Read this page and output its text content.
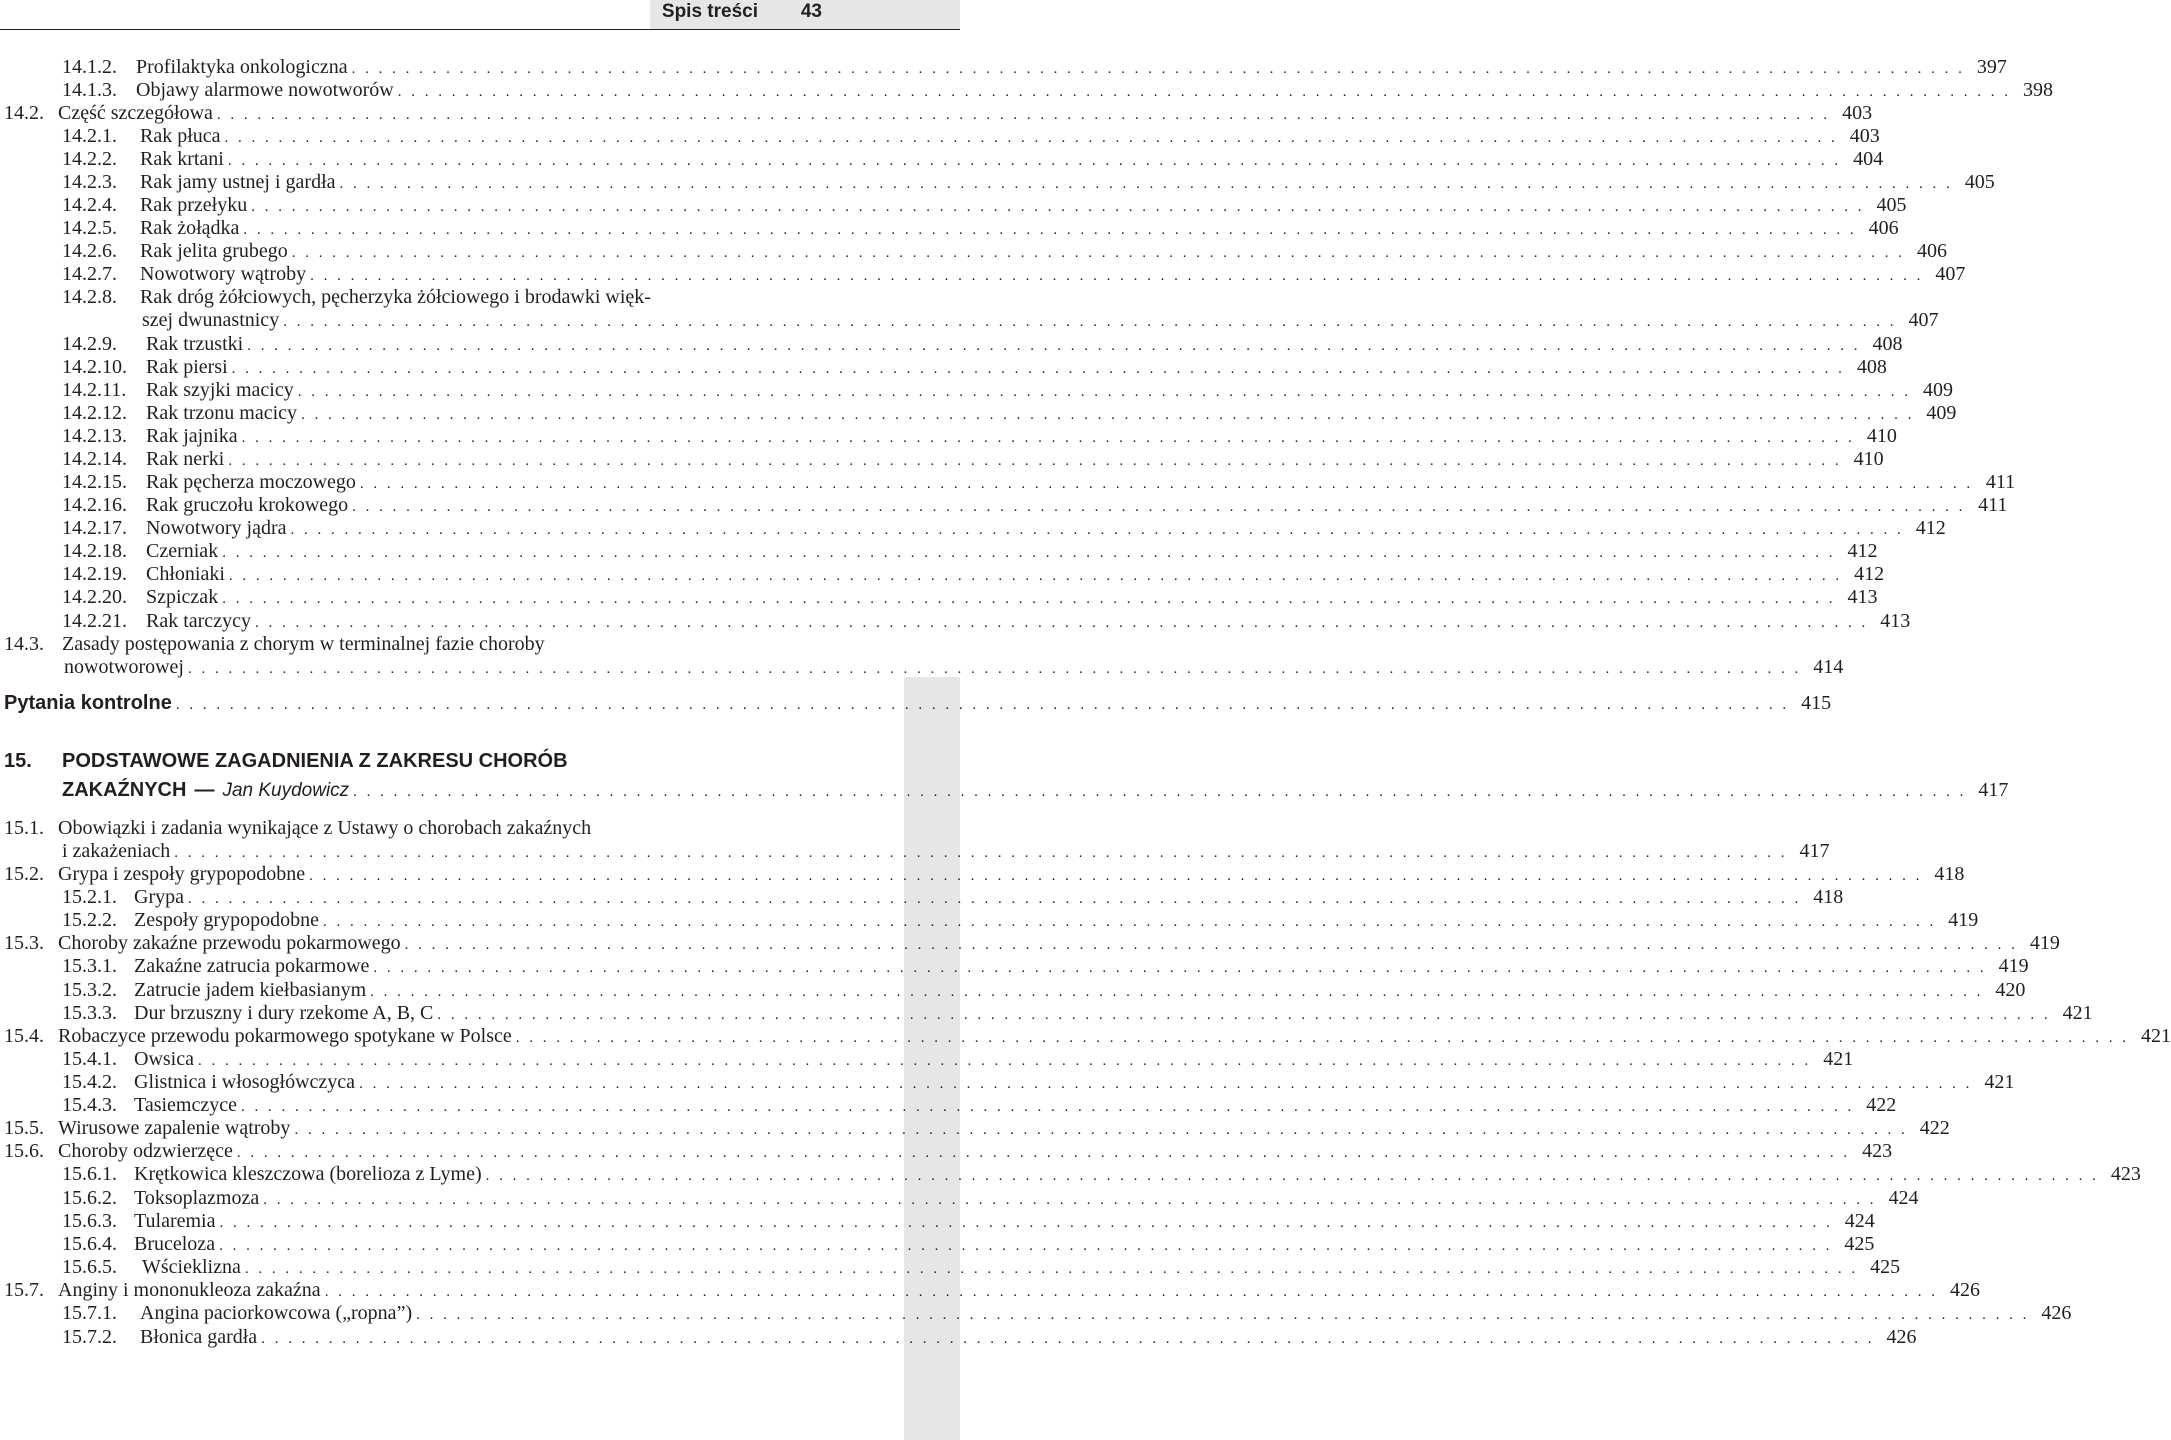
Spis treści 43
14.1.2. Profilaktyka onkologiczna . . . . . . . . . . . . . . . . . . . . . . . . . . . . . . . . . . . . . . . . . . . . . . . . . . . . . . . . . . . . . . . . . . . . . . . . . . . . . . . . . . . . . . . . . . . . . . . . . . . . . . . . . . . . . . . . . . . . . . . . 397
14.1.3. Objawy alarmowe nowotworów . . . . . . . . . . . . . . . . . . . . . . . . . . . . . . . . . . . . . . . . . . . . . . . . . . . . . . . . . . . . . . . . . . . . . . . . . . . . . . . . . . . . . . . . . . . . . . . . . . . . . . . . . . . . . . . . . . . . . . . . 398
14.2. Część szczegółowa . . . . . . . . . . . . . . . . . . . . . . . . . . . . . . . . . . . . . . . . . . . . . . . . . . . . . . . . . . . . . . . . . . . . . . . . . . . . . . . . . . . . . . . . . . . . . . . . . . . . . . . . . . . . . . . . . . . . . . . . 403
14.2.1. Rak płuca . . . . . . . . . . . . . . . . . . . . . . . . . . . . . . . . . . . . . . . . . . . . . . . . . . . . . . . . . . . . . . . . . . . . . . . . . . . . . . . . . . . . . . . . . . . . . . . . . . . . . . . . . . . . . . . . . . . . . . . . 403
14.2.2. Rak krtani . . . . . . . . . . . . . . . . . . . . . . . . . . . . . . . . . . . . . . . . . . . . . . . . . . . . . . . . . . . . . . . . . . . . . . . . . . . . . . . . . . . . . . . . . . . . . . . . . . . . . . . . . . . . . . . . . . . . . . . . 404
14.2.3. Rak jamy ustnej i gardła . . . . . . . . . . . . . . . . . . . . . . . . . . . . . . . . . . . . . . . . . . . . . . . . . . . . . . . . . . . . . . . . . . . . . . . . . . . . . . . . . . . . . . . . . . . . . . . . . . . . . . . . . . . . . . . . . . . . . . . . 405
14.2.4. Rak przełyku . . . . . . . . . . . . . . . . . . . . . . . . . . . . . . . . . . . . . . . . . . . . . . . . . . . . . . . . . . . . . . . . . . . . . . . . . . . . . . . . . . . . . . . . . . . . . . . . . . . . . . . . . . . . . . . . . . . . . . . . 405
14.2.5. Rak żołądka . . . . . . . . . . . . . . . . . . . . . . . . . . . . . . . . . . . . . . . . . . . . . . . . . . . . . . . . . . . . . . . . . . . . . . . . . . . . . . . . . . . . . . . . . . . . . . . . . . . . . . . . . . . . . . . . . . . . . . . . 406
14.2.6. Rak jelita grubego . . . . . . . . . . . . . . . . . . . . . . . . . . . . . . . . . . . . . . . . . . . . . . . . . . . . . . . . . . . . . . . . . . . . . . . . . . . . . . . . . . . . . . . . . . . . . . . . . . . . . . . . . . . . . . . . . . . . . . . . 406
14.2.7. Nowotwory wątroby . . . . . . . . . . . . . . . . . . . . . . . . . . . . . . . . . . . . . . . . . . . . . . . . . . . . . . . . . . . . . . . . . . . . . . . . . . . . . . . . . . . . . . . . . . . . . . . . . . . . . . . . . . . . . . . . . . . . . . . . 407
14.2.8. Rak dróg żółciowych, pęcherzyka żółciowego i brodawki więk-
szej dwunastnicy . . . . . . . . . . . . . . . . . . . . . . . . . . . . . . . . . . . . . . . . . . . . . . . . . . . . . . . . . . . . . . . . . . . . . . . . . . . . . . . . . . . . . . . . . . . . . . . . . . . . . . . . . . . . . . . . . . . . . . . . 407
14.2.9. Rak trzustki . . . . . . . . . . . . . . . . . . . . . . . . . . . . . . . . . . . . . . . . . . . . . . . . . . . . . . . . . . . . . . . . . . . . . . . . . . . . . . . . . . . . . . . . . . . . . . . . . . . . . . . . . . . . . . . . . . . . . . . . 408
14.2.10. Rak piersi . . . . . . . . . . . . . . . . . . . . . . . . . . . . . . . . . . . . . . . . . . . . . . . . . . . . . . . . . . . . . . . . . . . . . . . . . . . . . . . . . . . . . . . . . . . . . . . . . . . . . . . . . . . . . . . . . . . . . . . . 408
14.2.11. Rak szyjki macicy . . . . . . . . . . . . . . . . . . . . . . . . . . . . . . . . . . . . . . . . . . . . . . . . . . . . . . . . . . . . . . . . . . . . . . . . . . . . . . . . . . . . . . . . . . . . . . . . . . . . . . . . . . . . . . . . . . . . . . . . 409
14.2.12. Rak trzonu macicy . . . . . . . . . . . . . . . . . . . . . . . . . . . . . . . . . . . . . . . . . . . . . . . . . . . . . . . . . . . . . . . . . . . . . . . . . . . . . . . . . . . . . . . . . . . . . . . . . . . . . . . . . . . . . . . . . . . . . . . . 409
14.2.13. Rak jajnika . . . . . . . . . . . . . . . . . . . . . . . . . . . . . . . . . . . . . . . . . . . . . . . . . . . . . . . . . . . . . . . . . . . . . . . . . . . . . . . . . . . . . . . . . . . . . . . . . . . . . . . . . . . . . . . . . . . . . . . . 410
14.2.14. Rak nerki . . . . . . . . . . . . . . . . . . . . . . . . . . . . . . . . . . . . . . . . . . . . . . . . . . . . . . . . . . . . . . . . . . . . . . . . . . . . . . . . . . . . . . . . . . . . . . . . . . . . . . . . . . . . . . . . . . . . . . . . 410
14.2.15. Rak pęcherza moczowego . . . . . . . . . . . . . . . . . . . . . . . . . . . . . . . . . . . . . . . . . . . . . . . . . . . . . . . . . . . . . . . . . . . . . . . . . . . . . . . . . . . . . . . . . . . . . . . . . . . . . . . . . . . . . . . . . . . . . . . . 411
14.2.16. Rak gruczołu krokowego . . . . . . . . . . . . . . . . . . . . . . . . . . . . . . . . . . . . . . . . . . . . . . . . . . . . . . . . . . . . . . . . . . . . . . . . . . . . . . . . . . . . . . . . . . . . . . . . . . . . . . . . . . . . . . . . . . . . . . . . 411
14.2.17. Nowotwory jądra . . . . . . . . . . . . . . . . . . . . . . . . . . . . . . . . . . . . . . . . . . . . . . . . . . . . . . . . . . . . . . . . . . . . . . . . . . . . . . . . . . . . . . . . . . . . . . . . . . . . . . . . . . . . . . . . . . . . . . . . 412
14.2.18. Czerniak . . . . . . . . . . . . . . . . . . . . . . . . . . . . . . . . . . . . . . . . . . . . . . . . . . . . . . . . . . . . . . . . . . . . . . . . . . . . . . . . . . . . . . . . . . . . . . . . . . . . . . . . . . . . . . . . . . . . . . . . 412
14.2.19. Chłoniaki . . . . . . . . . . . . . . . . . . . . . . . . . . . . . . . . . . . . . . . . . . . . . . . . . . . . . . . . . . . . . . . . . . . . . . . . . . . . . . . . . . . . . . . . . . . . . . . . . . . . . . . . . . . . . . . . . . . . . . . . 412
14.2.20. Szpiczak . . . . . . . . . . . . . . . . . . . . . . . . . . . . . . . . . . . . . . . . . . . . . . . . . . . . . . . . . . . . . . . . . . . . . . . . . . . . . . . . . . . . . . . . . . . . . . . . . . . . . . . . . . . . . . . . . . . . . . . . 413
14.2.21. Rak tarczycy . . . . . . . . . . . . . . . . . . . . . . . . . . . . . . . . . . . . . . . . . . . . . . . . . . . . . . . . . . . . . . . . . . . . . . . . . . . . . . . . . . . . . . . . . . . . . . . . . . . . . . . . . . . . . . . . . . . . . . . . 413
14.3. Zasady postępowania z chorym w terminalnej fazie choroby
nowotworowej . . . . . . . . . . . . . . . . . . . . . . . . . . . . . . . . . . . . . . . . . . . . . . . . . . . . . . . . . . . . . . . . . . . . . . . . . . . . . . . . . . . . . . . . . . . . . . . . . . . . . . . . . . . . . . . . . . . . . . . . 414
Pytania kontrolne . . . . . . . . . . . . . . . . . . . . . . . . . . . . . . . . . . . . . . . . . . . . . . . . . . . . . . . . . . . . . . . . . . . . . . . . . . . . . . . . . . . . . . . . . . . . . . . . . . . . . . . . . . . . . . . . . . . . . . . . 415
15. PODSTAWOWE ZAGADNIENIA Z ZAKRESU CHORÓB
ZAKAŹNYCH — Jan Kuydowicz . . . . . . . . . . . . . . . . . . . . . . . . . . . . . . . . . . . . . . . . . . . . . . . . . . . . . . . . . . . . . . . . . . . . . . . . . . . . . . . . . . . . . . . . . . . . . . . . . . . . . . . . . . . . . . . . . . . . . . . . 417
15.1. Obowiązki i zadania wynikające z Ustawy o chorobach zakaźnych
i zakażeniach . . . . . . . . . . . . . . . . . . . . . . . . . . . . . . . . . . . . . . . . . . . . . . . . . . . . . . . . . . . . . . . . . . . . . . . . . . . . . . . . . . . . . . . . . . . . . . . . . . . . . . . . . . . . . . . . . . . . . . . . 417
15.2. Grypa i zespoły grypopodobne . . . . . . . . . . . . . . . . . . . . . . . . . . . . . . . . . . . . . . . . . . . . . . . . . . . . . . . . . . . . . . . . . . . . . . . . . . . . . . . . . . . . . . . . . . . . . . . . . . . . . . . . . . . . . . . . . . . . . . . . 418
15.2.1. Grypa . . . . . . . . . . . . . . . . . . . . . . . . . . . . . . . . . . . . . . . . . . . . . . . . . . . . . . . . . . . . . . . . . . . . . . . . . . . . . . . . . . . . . . . . . . . . . . . . . . . . . . . . . . . . . . . . . . . . . . . . 418
15.2.2. Zespoły grypopodobne . . . . . . . . . . . . . . . . . . . . . . . . . . . . . . . . . . . . . . . . . . . . . . . . . . . . . . . . . . . . . . . . . . . . . . . . . . . . . . . . . . . . . . . . . . . . . . . . . . . . . . . . . . . . . . . . . . . . . . . . 419
15.3. Choroby zakaźne przewodu pokarmowego . . . . . . . . . . . . . . . . . . . . . . . . . . . . . . . . . . . . . . . . . . . . . . . . . . . . . . . . . . . . . . . . . . . . . . . . . . . . . . . . . . . . . . . . . . . . . . . . . . . . . . . . . . . . . . . . . . . . . . . . 419
15.3.1. Zakaźne zatrucia pokarmowe . . . . . . . . . . . . . . . . . . . . . . . . . . . . . . . . . . . . . . . . . . . . . . . . . . . . . . . . . . . . . . . . . . . . . . . . . . . . . . . . . . . . . . . . . . . . . . . . . . . . . . . . . . . . . . . . . . . . . . . . 419
15.3.2. Zatrucie jadem kiełbasianym . . . . . . . . . . . . . . . . . . . . . . . . . . . . . . . . . . . . . . . . . . . . . . . . . . . . . . . . . . . . . . . . . . . . . . . . . . . . . . . . . . . . . . . . . . . . . . . . . . . . . . . . . . . . . . . . . . . . . . . . 420
15.3.3. Dur brzuszny i dury rzekome A, B, C . . . . . . . . . . . . . . . . . . . . . . . . . . . . . . . . . . . . . . . . . . . . . . . . . . . . . . . . . . . . . . . . . . . . . . . . . . . . . . . . . . . . . . . . . . . . . . . . . . . . . . . . . . . . . . . . . . . . . . . . 421
15.4. Robaczyce przewodu pokarmowego spotykane w Polsce . . . . . . . . . . . . . . . . . . . . . . . . . . . . . . . . . . . . . . . . . . . . . . . . . . . . . . . . . . . . . . . . . . . . . . . . . . . . . . . . . . . . . . . . . . . . . . . . . . . . . . . . . . . . . . . . . . . . . . . . 421
15.4.1. Owsica . . . . . . . . . . . . . . . . . . . . . . . . . . . . . . . . . . . . . . . . . . . . . . . . . . . . . . . . . . . . . . . . . . . . . . . . . . . . . . . . . . . . . . . . . . . . . . . . . . . . . . . . . . . . . . . . . . . . . . . . 421
15.4.2. Glistnica i włosogłówczyca . . . . . . . . . . . . . . . . . . . . . . . . . . . . . . . . . . . . . . . . . . . . . . . . . . . . . . . . . . . . . . . . . . . . . . . . . . . . . . . . . . . . . . . . . . . . . . . . . . . . . . . . . . . . . . . . . . . . . . . . 421
15.4.3. Tasiemczyce . . . . . . . . . . . . . . . . . . . . . . . . . . . . . . . . . . . . . . . . . . . . . . . . . . . . . . . . . . . . . . . . . . . . . . . . . . . . . . . . . . . . . . . . . . . . . . . . . . . . . . . . . . . . . . . . . . . . . . . . 422
15.5. Wirusowe zapalenie wątroby . . . . . . . . . . . . . . . . . . . . . . . . . . . . . . . . . . . . . . . . . . . . . . . . . . . . . . . . . . . . . . . . . . . . . . . . . . . . . . . . . . . . . . . . . . . . . . . . . . . . . . . . . . . . . . . . . . . . . . . . 422
15.6. Choroby odzwierzęce . . . . . . . . . . . . . . . . . . . . . . . . . . . . . . . . . . . . . . . . . . . . . . . . . . . . . . . . . . . . . . . . . . . . . . . . . . . . . . . . . . . . . . . . . . . . . . . . . . . . . . . . . . . . . . . . . . . . . . . . 423
15.6.1. Krętkowica kleszczowa (borelioza z Lyme) . . . . . . . . . . . . . . . . . . . . . . . . . . . . . . . . . . . . . . . . . . . . . . . . . . . . . . . . . . . . . . . . . . . . . . . . . . . . . . . . . . . . . . . . . . . . . . . . . . . . . . . . . . . . . . . . . . . . . . . . 423
15.6.2. Toksoplazmoza . . . . . . . . . . . . . . . . . . . . . . . . . . . . . . . . . . . . . . . . . . . . . . . . . . . . . . . . . . . . . . . . . . . . . . . . . . . . . . . . . . . . . . . . . . . . . . . . . . . . . . . . . . . . . . . . . . . . . . . . 424
15.6.3. Tularemia . . . . . . . . . . . . . . . . . . . . . . . . . . . . . . . . . . . . . . . . . . . . . . . . . . . . . . . . . . . . . . . . . . . . . . . . . . . . . . . . . . . . . . . . . . . . . . . . . . . . . . . . . . . . . . . . . . . . . . . . 424
15.6.4. Bruceloza . . . . . . . . . . . . . . . . . . . . . . . . . . . . . . . . . . . . . . . . . . . . . . . . . . . . . . . . . . . . . . . . . . . . . . . . . . . . . . . . . . . . . . . . . . . . . . . . . . . . . . . . . . . . . . . . . . . . . . . . 425
15.6.5. Wścieklizna . . . . . . . . . . . . . . . . . . . . . . . . . . . . . . . . . . . . . . . . . . . . . . . . . . . . . . . . . . . . . . . . . . . . . . . . . . . . . . . . . . . . . . . . . . . . . . . . . . . . . . . . . . . . . . . . . . . . . . . . 425
15.7. Anginy i mononukleoza zakaźna . . . . . . . . . . . . . . . . . . . . . . . . . . . . . . . . . . . . . . . . . . . . . . . . . . . . . . . . . . . . . . . . . . . . . . . . . . . . . . . . . . . . . . . . . . . . . . . . . . . . . . . . . . . . . . . . . . . . . . . . 426
15.7.1. Angina paciorkowcowa („ropna”) . . . . . . . . . . . . . . . . . . . . . . . . . . . . . . . . . . . . . . . . . . . . . . . . . . . . . . . . . . . . . . . . . . . . . . . . . . . . . . . . . . . . . . . . . . . . . . . . . . . . . . . . . . . . . . . . . . . . . . . . 426
15.7.2. Błonica gardła . . . . . . . . . . . . . . . . . . . . . . . . . . . . . . . . . . . . . . . . . . . . . . . . . . . . . . . . . . . . . . . . . . . . . . . . . . . . . . . . . . . . . . . . . . . . . . . . . . . . . . . . . . . . . . . . . . . . . . . . 426
